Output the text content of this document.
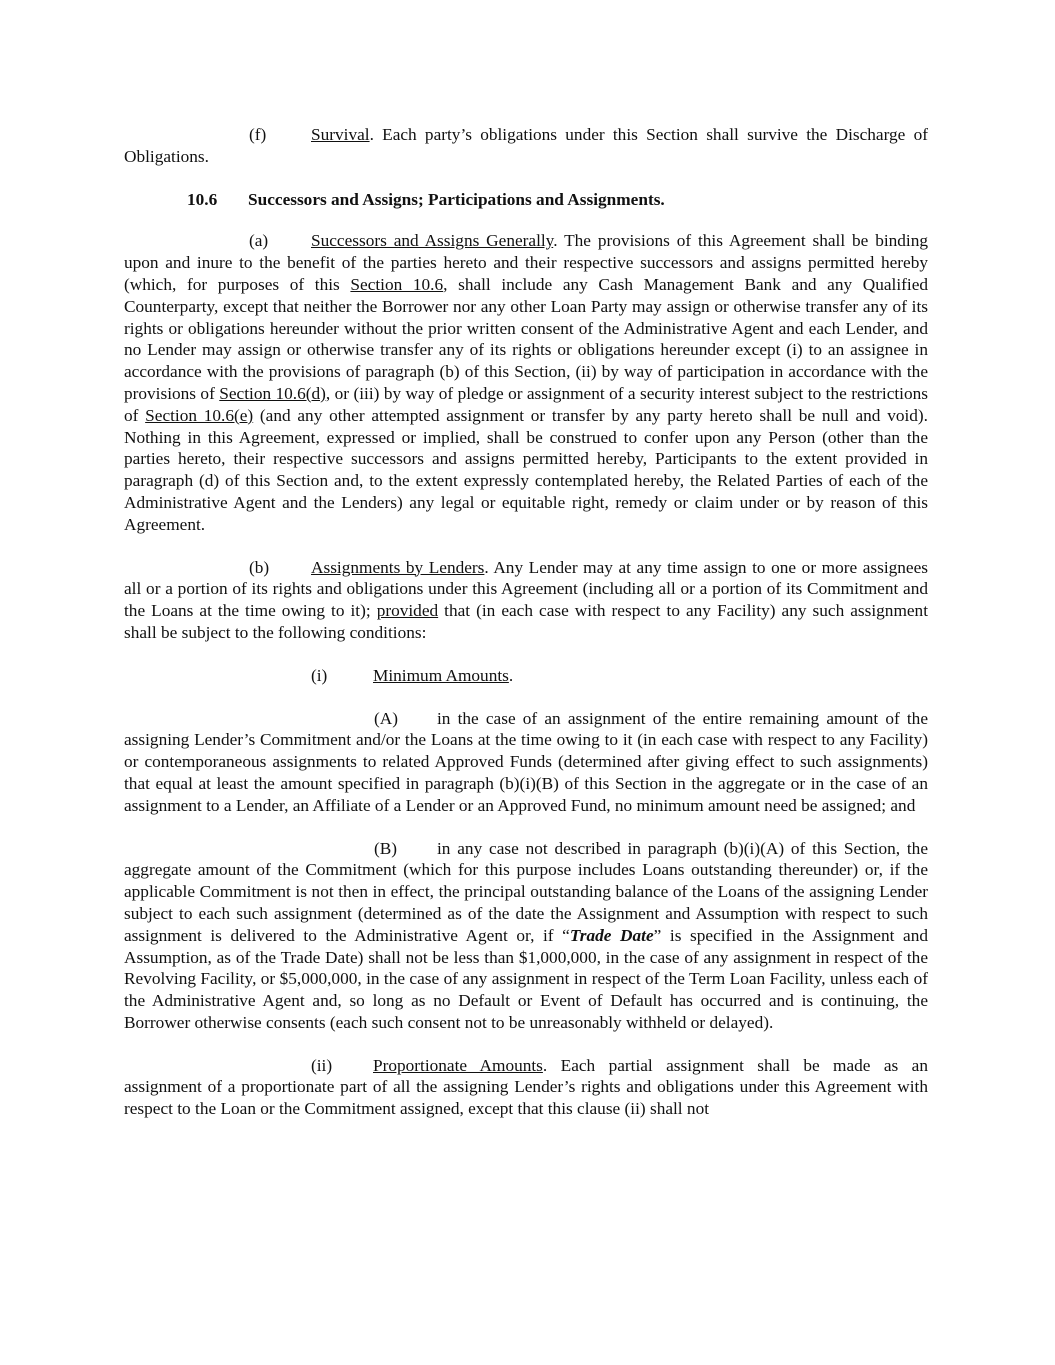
(f)	Survival. Each party’s obligations under this Section shall survive the Discharge of Obligations.

10.6 Successors and Assigns; Participations and Assignments.

(a) Successors and Assigns Generally. The provisions of this Agreement shall be binding upon and inure to the benefit of the parties hereto and their respective successors and assigns permitted hereby (which, for purposes of this Section 10.6, shall include any Cash Management Bank and any Qualified Counterparty, except that neither the Borrower nor any other Loan Party may assign or otherwise transfer any of its rights or obligations hereunder without the prior written consent of the Administrative Agent and each Lender, and no Lender may assign or otherwise transfer any of its rights or obligations hereunder except (i) to an assignee in accordance with the provisions of paragraph (b) of this Section, (ii) by way of participation in accordance with the provisions of Section 10.6(d), or (iii) by way of pledge or assignment of a security interest subject to the restrictions of Section 10.6(e) (and any other attempted assignment or transfer by any party hereto shall be null and void). Nothing in this Agreement, expressed or implied, shall be construed to confer upon any Person (other than the parties hereto, their respective successors and assigns permitted hereby, Participants to the extent provided in paragraph (d) of this Section and, to the extent expressly contemplated hereby, the Related Parties of each of the Administrative Agent and the Lenders) any legal or equitable right, remedy or claim under or by reason of this Agreement.

(b) Assignments by Lenders. Any Lender may at any time assign to one or more assignees all or a portion of its rights and obligations under this Agreement (including all or a portion of its Commitment and the Loans at the time owing to it); provided that (in each case with respect to any Facility) any such assignment shall be subject to the following conditions:

(i)	Minimum Amounts.

(A) in the case of an assignment of the entire remaining amount of the assigning Lender’s Commitment and/or the Loans at the time owing to it (in each case with respect to any Facility) or contemporaneous assignments to related Approved Funds (determined after giving effect to such assignments) that equal at least the amount specified in paragraph (b)(i)(B) of this Section in the aggregate or in the case of an assignment to a Lender, an Affiliate of a Lender or an Approved Fund, no minimum amount need be assigned; and

(B) in any case not described in paragraph (b)(i)(A) of this Section, the aggregate amount of the Commitment (which for this purpose includes Loans outstanding thereunder) or, if the applicable Commitment is not then in effect, the principal outstanding balance of the Loans of the assigning Lender subject to each such assignment (determined as of the date the Assignment and Assumption with respect to such assignment is delivered to the Administrative Agent or, if “Trade Date” is specified in the Assignment and Assumption, as of the Trade Date) shall not be less than $1,000,000, in the case of any assignment in respect of the Revolving Facility, or $5,000,000, in the case of any assignment in respect of the Term Loan Facility, unless each of the Administrative Agent and, so long as no Default or Event of Default has occurred and is continuing, the Borrower otherwise consents (each such consent not to be unreasonably withheld or delayed).

(ii) Proportionate Amounts. Each partial assignment shall be made as an assignment of a proportionate part of all the assigning Lender’s rights and obligations under this Agreement with respect to the Loan or the Commitment assigned, except that this clause (ii) shall not
